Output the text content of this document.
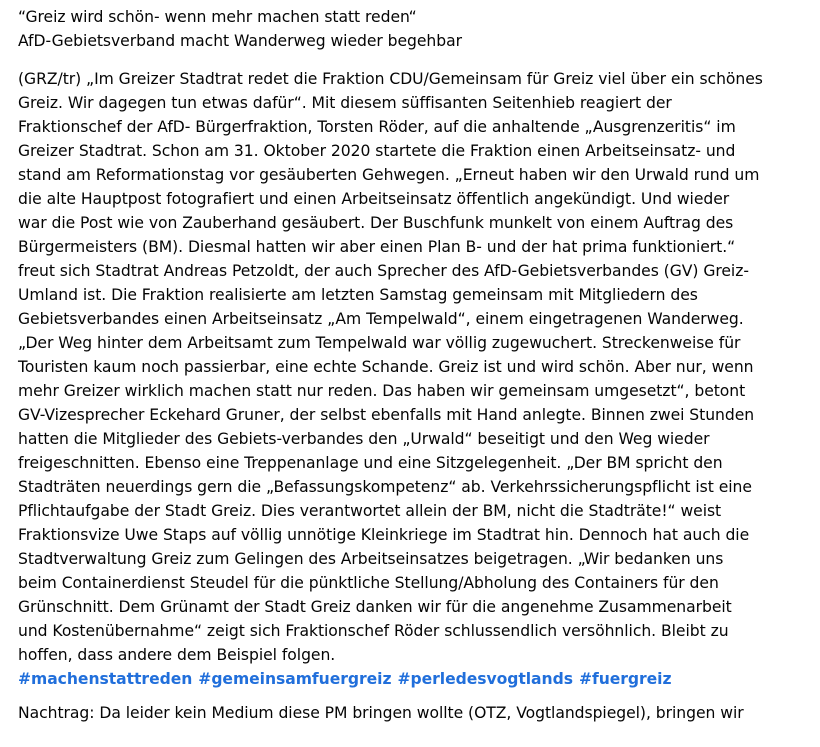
“Greiz wird schön- wenn mehr machen statt reden“
AfD-Gebietsverband macht Wanderweg wieder begehbar
(GRZ/tr) „Im Greizer Stadtrat redet die Fraktion CDU/Gemeinsam für Greiz viel über ein schönes
Greiz. Wir dagegen tun etwas dafür“. Mit diesem süffisanten Seitenhieb reagiert der
Fraktionschef der AfD- Bürgerfraktion, Torsten Röder, auf die anhaltende „Ausgrenzeritis“ im
Greizer Stadtrat. Schon am 31. Oktober 2020 startete die Fraktion einen Arbeitseinsatz- und
stand am Reformationstag vor gesäuberten Gehwegen. „Erneut haben wir den Urwald rund um
die alte Hauptpost fotografiert und einen Arbeitseinsatz öffentlich angekündigt. Und wieder
war die Post wie von Zauberhand gesäubert. Der Buschfunk munkelt von einem Auftrag des
Bürgermeisters (BM). Diesmal hatten wir aber einen Plan B- und der hat prima funktioniert.“
freut sich Stadtrat Andreas Petzoldt, der auch Sprecher des AfD-Gebietsverbandes (GV) Greiz-
Umland ist. Die Fraktion realisierte am letzten Samstag gemeinsam mit Mitgliedern des
Gebietsverbandes einen Arbeitseinsatz „Am Tempelwald“, einem eingetragenen Wanderweg.
„Der Weg hinter dem Arbeitsamt zum Tempelwald war völlig zugewuchert. Streckenweise für
Touristen kaum noch passierbar, eine echte Schande. Greiz ist und wird schön. Aber nur, wenn
mehr Greizer wirklich machen statt nur reden. Das haben wir gemeinsam umgesetzt“, betont
GV-Vizesprecher Eckehard Gruner, der selbst ebenfalls mit Hand anlegte. Binnen zwei Stunden
hatten die Mitglieder des Gebiets-verbandes den „Urwald“ beseitigt und den Weg wieder
freigeschnitten. Ebenso eine Treppenanlage und eine Sitzgelegenheit. „Der BM spricht den
Stadträten neuerdings gern die „Befassungskompetenz“ ab. Verkehrssicherungspflicht ist eine
Pflichtaufgabe der Stadt Greiz. Dies verantwortet allein der BM, nicht die Stadträte!“ weist
Fraktionsvize Uwe Staps auf völlig unnötige Kleinkriege im Stadtrat hin. Dennoch hat auch die
Stadtverwaltung Greiz zum Gelingen des Arbeitseinsatzes beigetragen. „Wir bedanken uns
beim Containerdienst Steudel für die pünktliche Stellung/Abholung des Containers für den
Grünschnitt. Dem Grünamt der Stadt Greiz danken wir für die angenehme Zusammenarbeit
und Kostenübernahme“ zeigt sich Fraktionschef Röder schlussendlich versöhnlich. Bleibt zu
hoffen, dass andere dem Beispiel folgen.
#machenstattreden #gemeinsamfuergreiz #perledesvogtlands #fuergreiz
Nachtrag: Da leider kein Medium diese PM bringen wollte (OTZ, Vogtlandspiegel), bringen wir
